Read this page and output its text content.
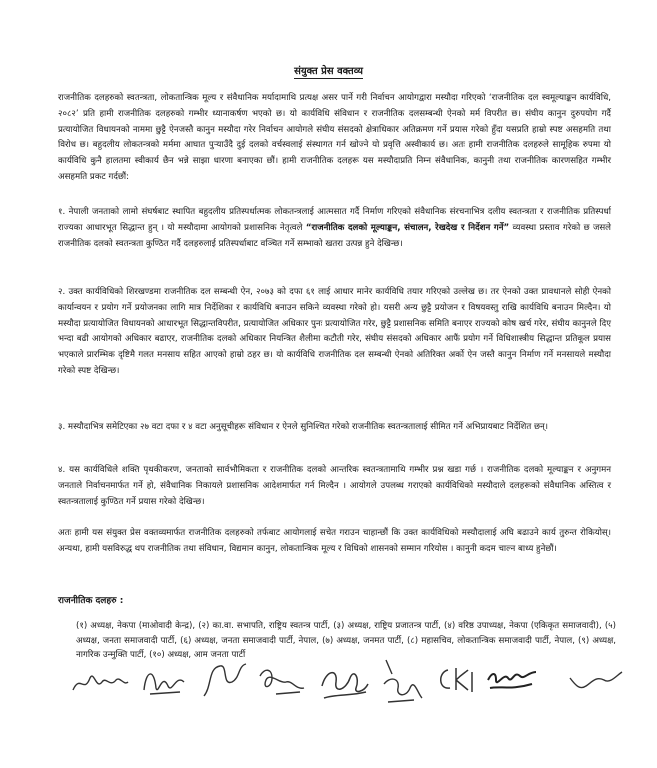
संयुक्त प्रेस वक्तव्य

राजनीतिक दलहरुको स्वतन्त्रता, लोकतान्त्रिक मूल्य र संवैधानिक मर्यादामाथि प्रत्यक्ष असर पार्ने गरी निर्वाचन आयोगद्वारा मस्यौदा गरिएको ‘राजनीतिक दल स्वमूल्याङ्कन कार्यविधि, २०८२’ प्रति हामी राजनीतिक दलहरुको गम्भीर ध्यानाकर्षण भएको छ। यो कार्यविधि संविधान र राजनीतिक दलसम्बन्धी ऐनको मर्म विपरीत छ। संघीय कानुन दुरुपयोग गर्दै प्रत्यायोजित विधायनको नाममा छुट्टै ऐनजस्तै कानुन मस्यौदा गरेर निर्वाचन आयोगले संघीय संसदको क्षेत्राधिकार अतिक्रमण गर्ने प्रयास गरेको हुँदा यसप्रति हाम्रो स्पष्ट असहमति तथा विरोध छ। बहुदलीय लोकतन्त्रको मर्ममा आघात पुऱ्याउँदै दुई दलको वर्चस्वलाई संस्थागत गर्न खोज्ने यो प्रवृत्ति अस्वीकार्य छ। अतः हामी राजनीतिक दलहरुले सामूहिक रुपमा यो कार्यविधि कुनै हालतमा स्वीकार्य छैन भन्ने साझा धारणा बनाएका छौं। हामी राजनीतिक दलहरू यस मस्यौदाप्रति निम्न संवैधानिक, कानुनी तथा राजनीतिक कारणसहित गम्भीर असहमति प्रकट गर्दछौं:

१. नेपाली जनताको लामो संघर्षबाट स्थापित बहुदलीय प्रतिस्पर्धात्मक लोकतन्त्रलाई आत्मसात गर्दै निर्माण गरिएको संवैधानिक संरचनाभित्र दलीय स्वतन्त्रता र राजनीतिक प्रतिस्पर्धा राज्यका आधारभूत सिद्धान्त हुन् । यो मस्यौदामा आयोगको प्रशासनिक नेतृत्वले “राजनीतिक दलको मूल्याङ्कन, संचालन, रेखदेख र निर्देशन गर्ने” व्यवस्था प्रस्ताव गरेको छ जसले राजनीतिक दलको स्वतन्त्रता कुण्ठित गर्दै दलहरुलाई प्रतिस्पर्धाबाट वञ्चित गर्ने सम्भाको खतरा उत्पन्न हुने देखिन्छ।

२. उक्त कार्यविधिको शिरखण्डमा राजनीतिक दल सम्बन्धी ऐन, २०७३ को दफा ६१ लाई आधार मानेर कार्यविधि तयार गरिएको उल्लेख छ। तर ऐनको उक्त प्रावधानले सोही ऐनको कार्यान्वयन र प्रयोग गर्ने प्रयोजनका लागि मात्र निर्देशिका र कार्यविधि बनाउन सकिने व्यवस्था गरेको हो। यसरी अन्य छुट्टै प्रयोजन र विषयवस्तु राखि कार्यविधि बनाउन मिल्दैन। यो मस्यौदा प्रत्यायोजित विधायनको आधारभूत सिद्धान्तविपरीत, प्रत्यायोजित अधिकार पुनः प्रत्यायोजित गरेर, छुट्टै प्रशासनिक समिति बनाएर राज्यको कोष खर्च गरेर, संघीय कानुनले दिए भन्दा बढी आयोगको अधिकार बढाएर, राजनीतिक दलको अधिकार नियन्त्रित शैलीमा कटौती गरेर, संघीय संसदको अधिकार आफैं प्रयोग गर्ने विधिशास्त्रीय सिद्धान्त प्रतिकूल प्रयास भएकाले प्रारम्भिक दृष्टिमै गलत मनसाय सहित आएको हाम्रो ठहर छ। यो कार्यविधि राजनीतिक दल सम्बन्धी ऐनको अतिरिक्त अर्को ऐन जस्तै कानुन निर्माण गर्ने मनसायले मस्यौदा गरेको स्पष्ट देखिन्छ।

३. मस्यौदाभित्र समेटिएका २७ वटा दफा र ४ वटा अनुसूचीहरू संविधान र ऐनले सुनिश्चित गरेको राजनीतिक स्वतन्त्रतालाई सीमित गर्ने अभिप्रायबाट निर्देशित छन्।

४. यस कार्यविधिले शक्ति पृथकीकरण, जनताको सार्वभौमिकता र राजनीतिक दलको आन्तरिक स्वतन्त्रतामाथि गम्भीर प्रश्न खडा गर्छ । राजनीतिक दलको मूल्याङ्कन र अनुगमन जनताले निर्वाचनमार्फत गर्ने हो, संवैधानिक निकायले प्रशासनिक आदेशमार्फत गर्न मिल्दैन । आयोगले उपलब्ध गराएको कार्यविधिको मस्यौदाले दलहरूको संवैधानिक अस्तित्व र स्वतन्त्रतालाई कुण्ठित गर्ने प्रयास गरेको देखिन्छ।

अतः हामी यस संयुक्त प्रेस वक्तव्यमार्फत राजनीतिक दलहरुको तर्फबाट आयोगलाई सचेत गराउन चाहान्छौं कि उक्त कार्यविधिको मस्यौदालाई अघि बढाउने कार्य तुरुन्त रोकियोस्। अन्यथा, हामी यसविरुद्ध थप राजनीतिक तथा संविधान, विद्यमान कानुन, लोकतान्त्रिक मूल्य र विधिको शासनको सम्मान गरियोस । कानुनी कदम चाल्न बाध्य हुनेछौं।

राजनीतिक दलहरु :

(१) अध्यक्ष, नेकपा (माओवादी केन्द्र), (२) का.वा. सभापति, राष्ट्रिय स्वतन्त्र पार्टी, (३) अध्यक्ष, राष्ट्रिय प्रजातन्त्र पार्टी, (४) वरिष्ठ उपाध्यक्ष, नेकपा (एकिकृत समाजवादी), (५) अध्यक्ष, जनता समाजवादी पार्टी, (६) अध्यक्ष, जनता समाजवादी पार्टी, नेपाल, (७) अध्यक्ष, जनमत पार्टी, (८) महासचिव, लोकतान्त्रिक समाजवादी पार्टी, नेपाल, (९) अध्यक्ष, नागरिक उन्मुक्ति पार्टी, (१०) अध्यक्ष, आम जनता पार्टी
